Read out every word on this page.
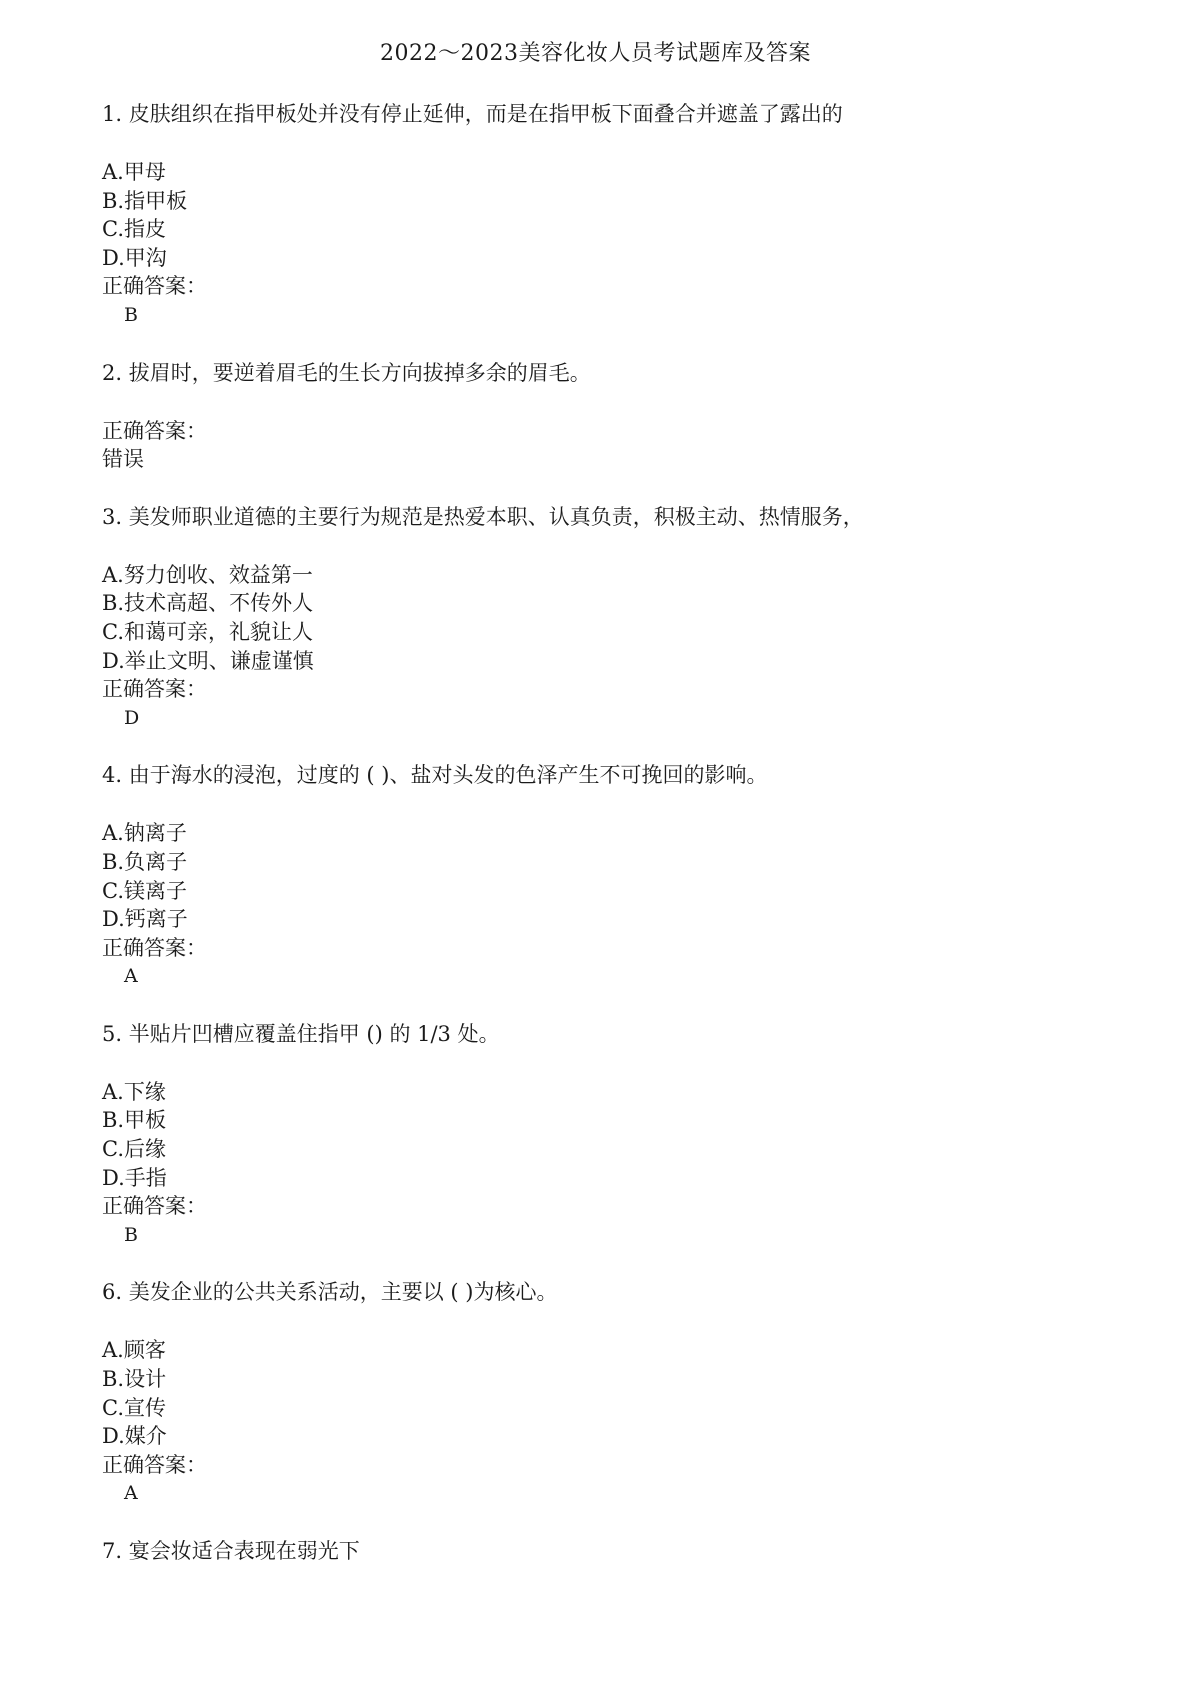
2022～2023美容化妆人员考试题库及答案
1. 皮肤组织在指甲板处并没有停止延伸，而是在指甲板下面叠合并遮盖了露出的
A.甲母
B.指甲板
C.指皮
D.甲沟
正确答案：
B
2. 拔眉时，要逆着眉毛的生长方向拔掉多余的眉毛。
正确答案：
错误
3. 美发师职业道德的主要行为规范是热爱本职、认真负责，积极主动、热情服务，
A.努力创收、效益第一
B.技术高超、不传外人
C.和蔼可亲，礼貌让人
D.举止文明、谦虚谨慎
正确答案：
D
4. 由于海水的浸泡，过度的 ( )、盐对头发的色泽产生不可挽回的影响。
A.钠离子
B.负离子
C.镁离子
D.钙离子
正确答案：
A
5. 半贴片凹槽应覆盖住指甲 () 的 1/3 处。
A.下缘
B.甲板
C.后缘
D.手指
正确答案：
B
6. 美发企业的公共关系活动，主要以 ( )为核心。
A.顾客
B.设计
C.宣传
D.媒介
正确答案：
A
7. 宴会妆适合表现在弱光下
